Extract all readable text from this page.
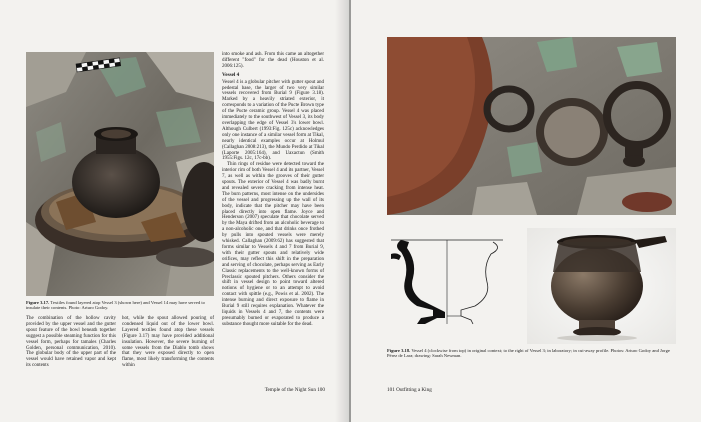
Figure 3.17. Textiles found layered atop Vessel 3 (shown here) and Vessel 14 may have served to insulate their contents. Photo: Arturo Godoy.

The combination of the hollow cavity provided by the upper vessel and the gutter spout feature of the bowl beneath together suggest a possible steaming function for this vessel form, perhaps for tamales (Charles Golden, personal communication, 2010). The globular body of the upper part of the vessel would have retained vapor and kept its contents

hot, while the spout allowed pouring of condensed liquid out of the lower bowl. Layered textiles found atop these vessels (Figure 3.17) may have provided additional insulation. However, the severe burning of some vessels from the Diablo tomb shows that they were exposed directly to open flame, most likely transforming the contents within

into smoke and ash. From this came an altogether different "food" for the dead (Houston et al. 2006:125).

Vessel 4

Vessel 4 is a globular pitcher with gutter spout and pedestal base, the larger of two very similar vessels recovered from Burial 9 (Figure 3.18). Marked by a heavily striated exterior, it corresponds to a variation of the Pucte Brown type of the Pucte ceramic group. Vessel 4 was placed immediately to the southwest of Vessel 3, its body overlapping the edge of Vessel 3's lower bowl. Although Culbert (1993:Fig. 125c) acknowledges only one instance of a similar vessel form at Tikal, nearly identical examples occur at Holmul (Callaghan 2008:213), the Mundo Perdido at Tikal (Laporte 2005:164), and Uaxactun (Smith 1955:Figs. 12c, 17c-bb).

Thin rings of residue were detected toward the interior rim of both Vessel 4 and its partner, Vessel 7, as well as within the grooves of their gutter spouts. The exterior of Vessel 4 was badly burnt and revealed severe cracking from intense heat. The burn patterns, most intense on the undersides of the vessel and progressing up the wall of its body, indicate that the pitcher may have been placed directly into open flame. Joyce and Henderson (2007) speculate that chocolate served by the Maya drifted from an alcoholic beverage to a non-alcoholic one, and that drinks once frothed by pulls into spouted vessels were merely whisked. Callaghan (2009:62) has suggested that forms similar to Vessels 4 and 7 from Burial 9, with their gutter spouts and relatively wide orifices, may reflect this shift in the preparation and serving of chocolate, perhaps serving as Early Classic replacements to the well-known forms of Preclassic spouted pitchers. Others consider the shift in vessel design to point toward altered notions of hygiene or to an attempt to avoid contact with spittle (e.g., Powis et al. 2002). The intense burning and direct exposure to flame in Burial 9 still requires explanation. Whatever the liquids in Vessels 4 and 7, the contents were presumably burned or evaporated to produce a substance thought more suitable for the dead.

Temple of the Night Sun 100
Figure 3.18. Vessel 4 (clockwise from top) in original context; to the right of Vessel 3; in laboratory; in cut-away profile. Photos: Arturo Godoy and Jorge Pérez de Lara; drawing: Sarah Newman.
101 Outfitting a King
